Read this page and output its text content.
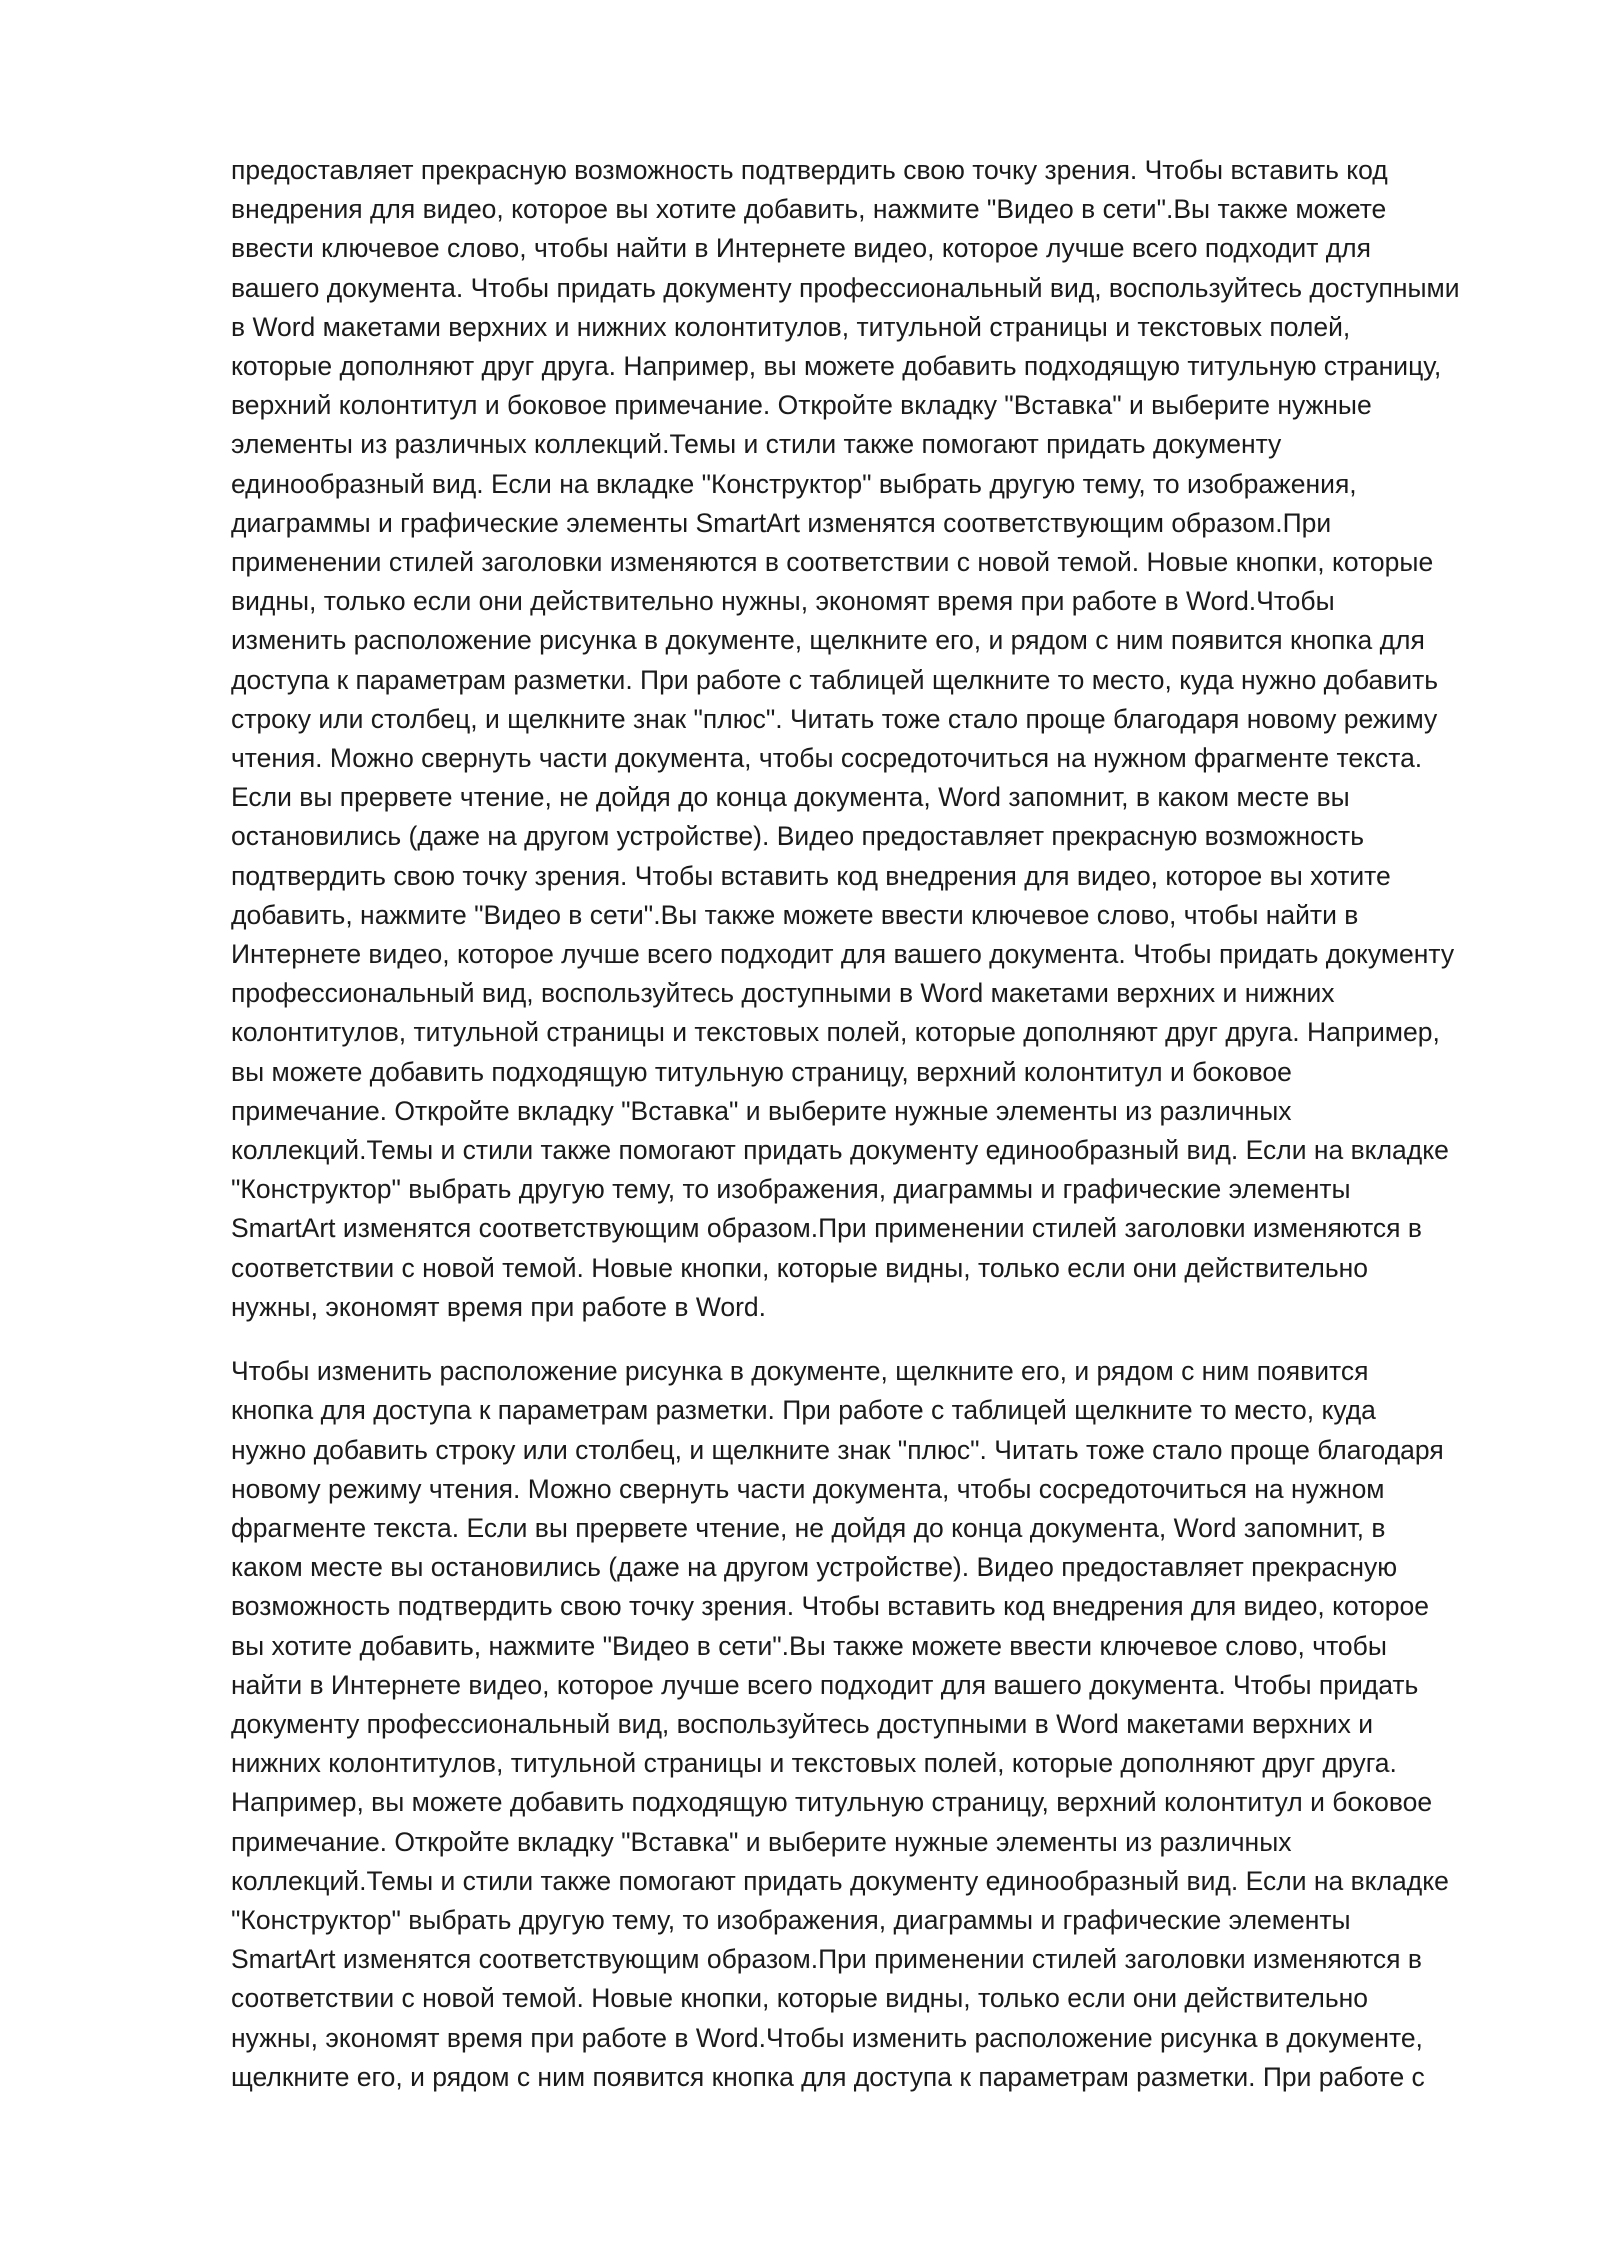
предоставляет прекрасную возможность подтвердить свою точку зрения. Чтобы вставить код
внедрения для видео, которое вы хотите добавить, нажмите "Видео в сети".Вы также можете
ввести ключевое слово, чтобы найти в Интернете видео, которое лучше всего подходит для
вашего документа. Чтобы придать документу профессиональный вид, воспользуйтесь доступными
в Word макетами верхних и нижних колонтитулов, титульной страницы и текстовых полей,
которые дополняют друг друга. Например, вы можете добавить подходящую титульную страницу,
верхний колонтитул и боковое примечание. Откройте вкладку "Вставка" и выберите нужные
элементы из различных коллекций.Темы и стили также помогают придать документу
единообразный вид. Если на вкладке "Конструктор" выбрать другую тему, то изображения,
диаграммы и графические элементы SmartArt изменятся соответствующим образом.При
применении стилей заголовки изменяются в соответствии с новой темой. Новые кнопки, которые
видны, только если они действительно нужны, экономят время при работе в Word.Чтобы
изменить расположение рисунка в документе, щелкните его, и рядом с ним появится кнопка для
доступа к параметрам разметки. При работе с таблицей щелкните то место, куда нужно добавить
строку или столбец, и щелкните знак "плюс". Читать тоже стало проще благодаря новому режиму
чтения. Можно свернуть части документа, чтобы сосредоточиться на нужном фрагменте текста.
Если вы прервете чтение, не дойдя до конца документа, Word запомнит, в каком месте вы
остановились (даже на другом устройстве). Видео предоставляет прекрасную возможность
подтвердить свою точку зрения. Чтобы вставить код внедрения для видео, которое вы хотите
добавить, нажмите "Видео в сети".Вы также можете ввести ключевое слово, чтобы найти в
Интернете видео, которое лучше всего подходит для вашего документа. Чтобы придать документу
профессиональный вид, воспользуйтесь доступными в Word макетами верхних и нижних
колонтитулов, титульной страницы и текстовых полей, которые дополняют друг друга. Например,
вы можете добавить подходящую титульную страницу, верхний колонтитул и боковое
примечание. Откройте вкладку "Вставка" и выберите нужные элементы из различных
коллекций.Темы и стили также помогают придать документу единообразный вид. Если на вкладке
"Конструктор" выбрать другую тему, то изображения, диаграммы и графические элементы
SmartArt изменятся соответствующим образом.При применении стилей заголовки изменяются в
соответствии с новой темой. Новые кнопки, которые видны, только если они действительно
нужны, экономят время при работе в Word.

Чтобы изменить расположение рисунка в документе, щелкните его, и рядом с ним появится
кнопка для доступа к параметрам разметки. При работе с таблицей щелкните то место, куда
нужно добавить строку или столбец, и щелкните знак "плюс". Читать тоже стало проще благодаря
новому режиму чтения. Можно свернуть части документа, чтобы сосредоточиться на нужном
фрагменте текста. Если вы прервете чтение, не дойдя до конца документа, Word запомнит, в
каком месте вы остановились (даже на другом устройстве). Видео предоставляет прекрасную
возможность подтвердить свою точку зрения. Чтобы вставить код внедрения для видео, которое
вы хотите добавить, нажмите "Видео в сети".Вы также можете ввести ключевое слово, чтобы
найти в Интернете видео, которое лучше всего подходит для вашего документа. Чтобы придать
документу профессиональный вид, воспользуйтесь доступными в Word макетами верхних и
нижних колонтитулов, титульной страницы и текстовых полей, которые дополняют друг друга.
Например, вы можете добавить подходящую титульную страницу, верхний колонтитул и боковое
примечание. Откройте вкладку "Вставка" и выберите нужные элементы из различных
коллекций.Темы и стили также помогают придать документу единообразный вид. Если на вкладке
"Конструктор" выбрать другую тему, то изображения, диаграммы и графические элементы
SmartArt изменятся соответствующим образом.При применении стилей заголовки изменяются в
соответствии с новой темой. Новые кнопки, которые видны, только если они действительно
нужны, экономят время при работе в Word.Чтобы изменить расположение рисунка в документе,
щелкните его, и рядом с ним появится кнопка для доступа к параметрам разметки. При работе с
